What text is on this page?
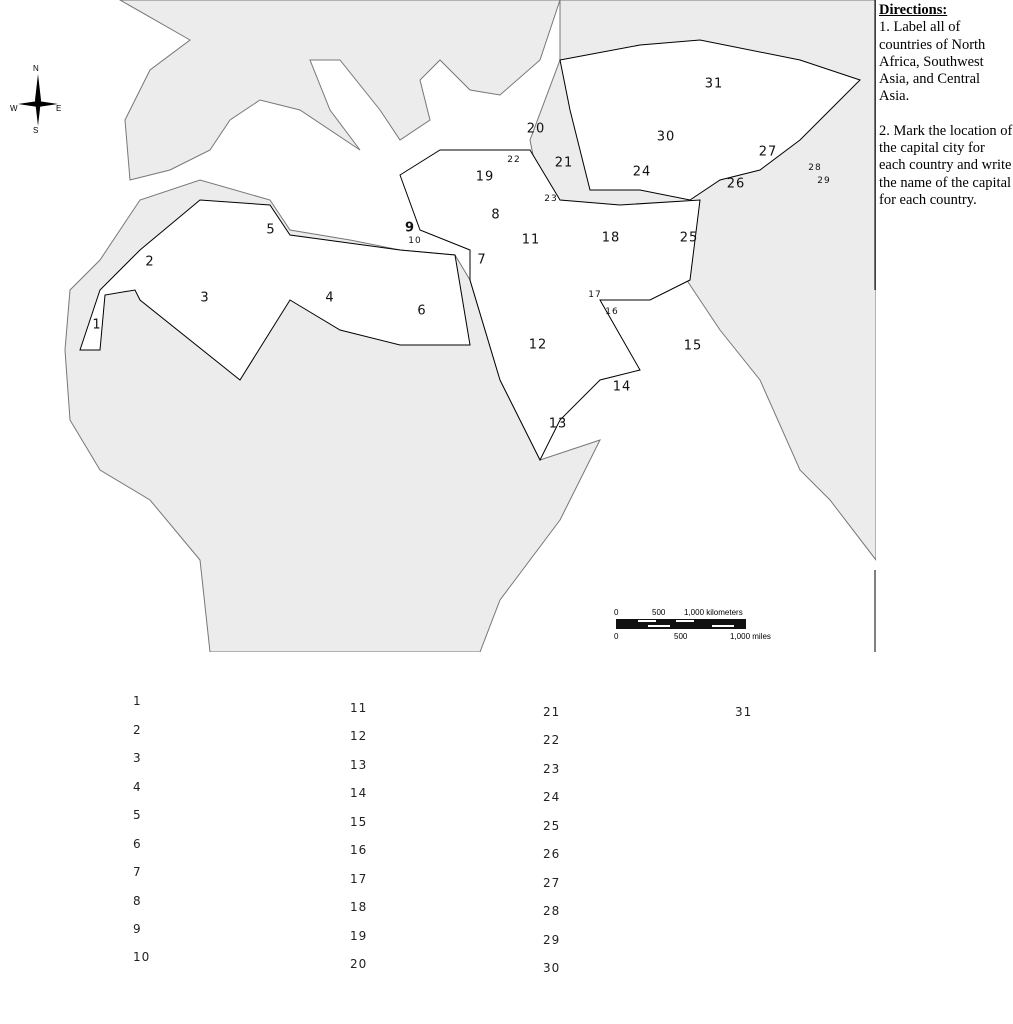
N
S
W	E
0	500 1,000 kilometers
0	500	1,000 miles
1
2
3	4
5
6
7
8
9
10	11
12
13
14
15
16
17
18
19
20
21
22
23
24
25
26
27
28
29
30
31
Directions:

1. Label all of countries of North Africa, Southwest Asia, and Central Asia.

2. Mark the location of the capital city for each country and write the name of the capital for each country.

1
2
3
4
5
6
7
8
9
10
11
12
13
14
15
16
17
18
19
20
21
22
23
24
25
26
27
28
29
30
31
